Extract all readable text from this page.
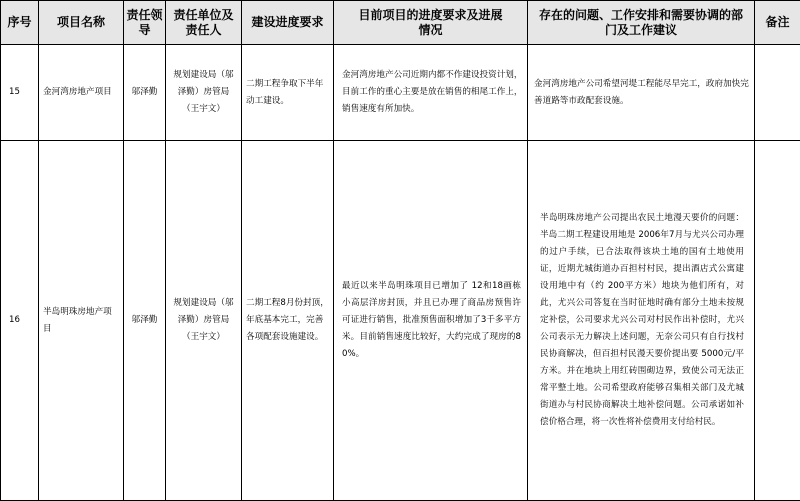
序号	项目名称	责任领导	责任单位及责任人	建设进度要求	目前项目的进度要求及进展情况	存在的问题、工作安排和需要协调的部门及工作建议	备注

15	金河湾房地产项目	邬泽勤	规划建设局（邬泽勤）房管局（王宇文）	二期工程争取下半年动工建设。	金河湾房地产公司近期内都不作建设投资计划，目前工作的重心主要是放在销售的相尾工作上，销售速度有所加快。	金河湾房地产公司希望河堤工程能尽早完工，政府加快完善道路等市政配套设施。	

16	半岛明珠房地产项目	邬泽勤	规划建设局（邬泽勤）房管局（王宇文）	二期工程8月份封顶，年底基本完工，完善各项配套设施建设。	最近以来半岛明珠项目已增加了 12和18画栋小高层洋房封顶，并且已办理了商品房预售许可证进行销售，批准预售面积增加了3千多平方米。目前销售速度比较好，大约完成了现房的80%。	半岛明珠房地产公司提出农民土地漫天要价的问题：半岛二期工程建设用地是 2006年7月与尤兴公司办理的过户手续，已合法取得该块土地的国有土地使用证，近期尤城街道办百担村村民，提出酒店式公寓建设用地中有（约 200平方米）地块为他们所有，对此，尤兴公司答复在当时征地时确有部分土地未按规定补偿，公司要求尤兴公司对村民作出补偿时，尤兴公司表示无力解决上述问题，无奈公司只有自行找村民协商解决，但百担村民漫天要价提出要 5000元/平方米。并在地块上用红砖围砌边界，致使公司无法正常平整土地。公司希望政府能够召集相关部门及尤城街道办与村民协商解决土地补偿问题。公司承诺如补偿价格合理，将一次性将补偿费用支付给村民。	
